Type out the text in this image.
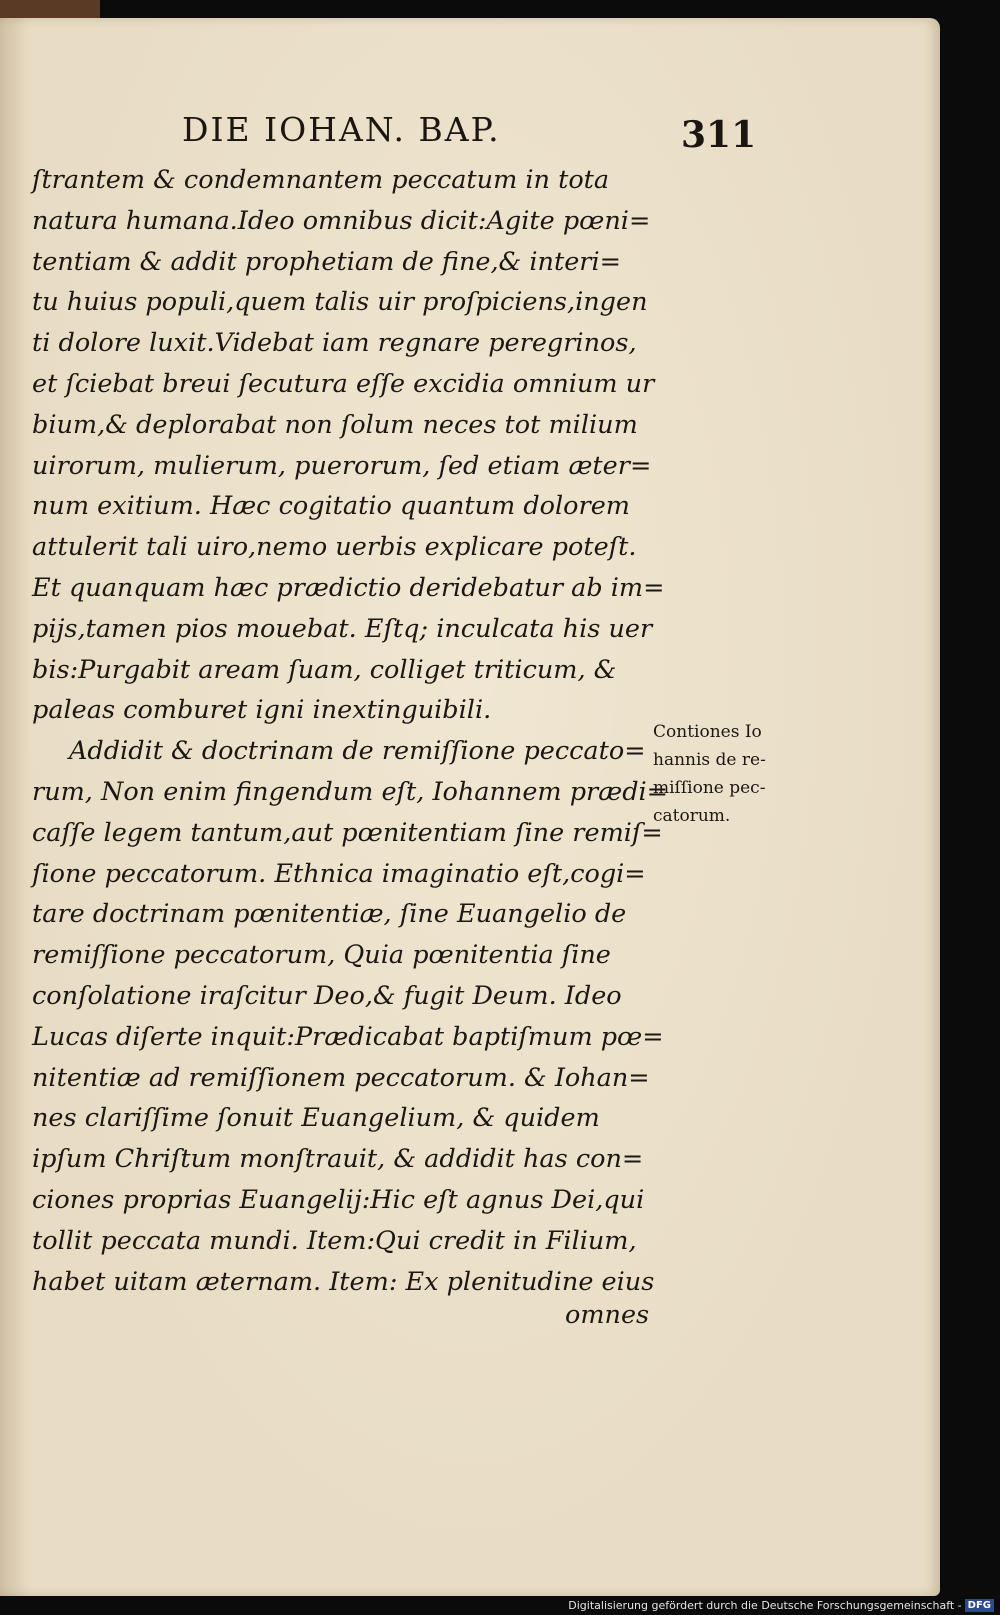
DIE IOHAN. BAP.	311
ſtrantem & condemnantem peccatum in tota
natura humana.Ideo omnibus dicit:Agite pœni=
tentiam & addit prophetiam de fine,& interi=
tu huius populi,quem talis uir proſpiciens,ingen
ti dolore luxit.Videbat iam regnare peregrinos,
et ſciebat breui ſecutura eſſe excidia omnium ur
bium,& deplorabat non ſolum neces tot milium
uirorum, mulierum, puerorum, ſed etiam æter=
num exitium. Hæc cogitatio quantum dolorem
attulerit tali uiro,nemo uerbis explicare poteſt.
Et quanquam hæc prædictio deridebatur ab im=
pijs,tamen pios mouebat. Eſtq; inculcata his uer
bis:Purgabit aream ſuam, colliget triticum, &
paleas comburet igni inextinguibili.
Addidit & doctrinam de remiſſione peccato=
rum, Non enim fingendum eſt, Iohannem prædi=
caſſe legem tantum,aut pœnitentiam ſine remiſ=
ſione peccatorum. Ethnica imaginatio eſt,cogi=
tare doctrinam pœnitentiæ, ſine Euangelio de
remiſſione peccatorum, Quia pœnitentia ſine
conſolatione iraſcitur Deo,& fugit Deum. Ideo
Lucas diſerte inquit:Prædicabat baptiſmum pœ=
nitentiæ ad remiſſionem peccatorum. & Iohan=
nes clariſſime ſonuit Euangelium, & quidem
ipſum Chriſtum monſtrauit, & addidit has con=
ciones proprias Euangelij:Hic eſt agnus Dei,qui
tollit peccata mundi. Item:Qui credit in Filium,
habet uitam æternam. Item: Ex plenitudine eius
omnes
Contiones Io
hannis de re-
miſſione pec-
catorum.
Digitalisierung gefördert durch die Deutsche Forschungsgemeinschaft - DFG
